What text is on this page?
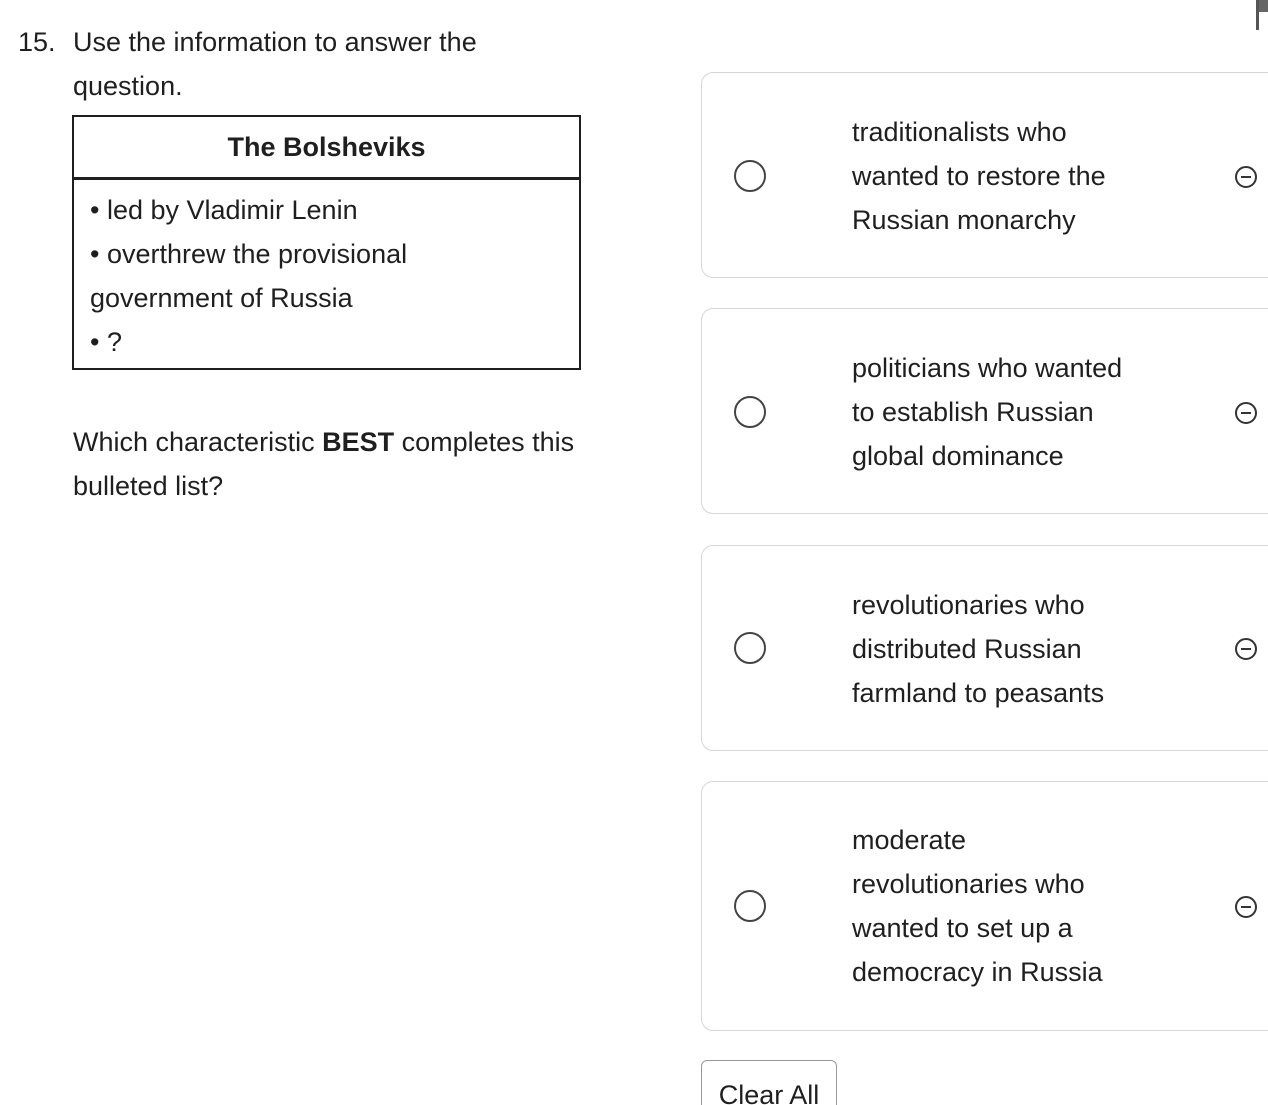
15. Use the information to answer the question.
The Bolsheviks
• led by Vladimir Lenin
• overthrew the provisional
government of Russia
• ?
Which characteristic BEST completes this bulleted list?
traditionalists who
wanted to restore the
Russian monarchy
politicians who wanted
to establish Russian
global dominance
revolutionaries who
distributed Russian
farmland to peasants
moderate
revolutionaries who
wanted to set up a
democracy in Russia
Clear All
